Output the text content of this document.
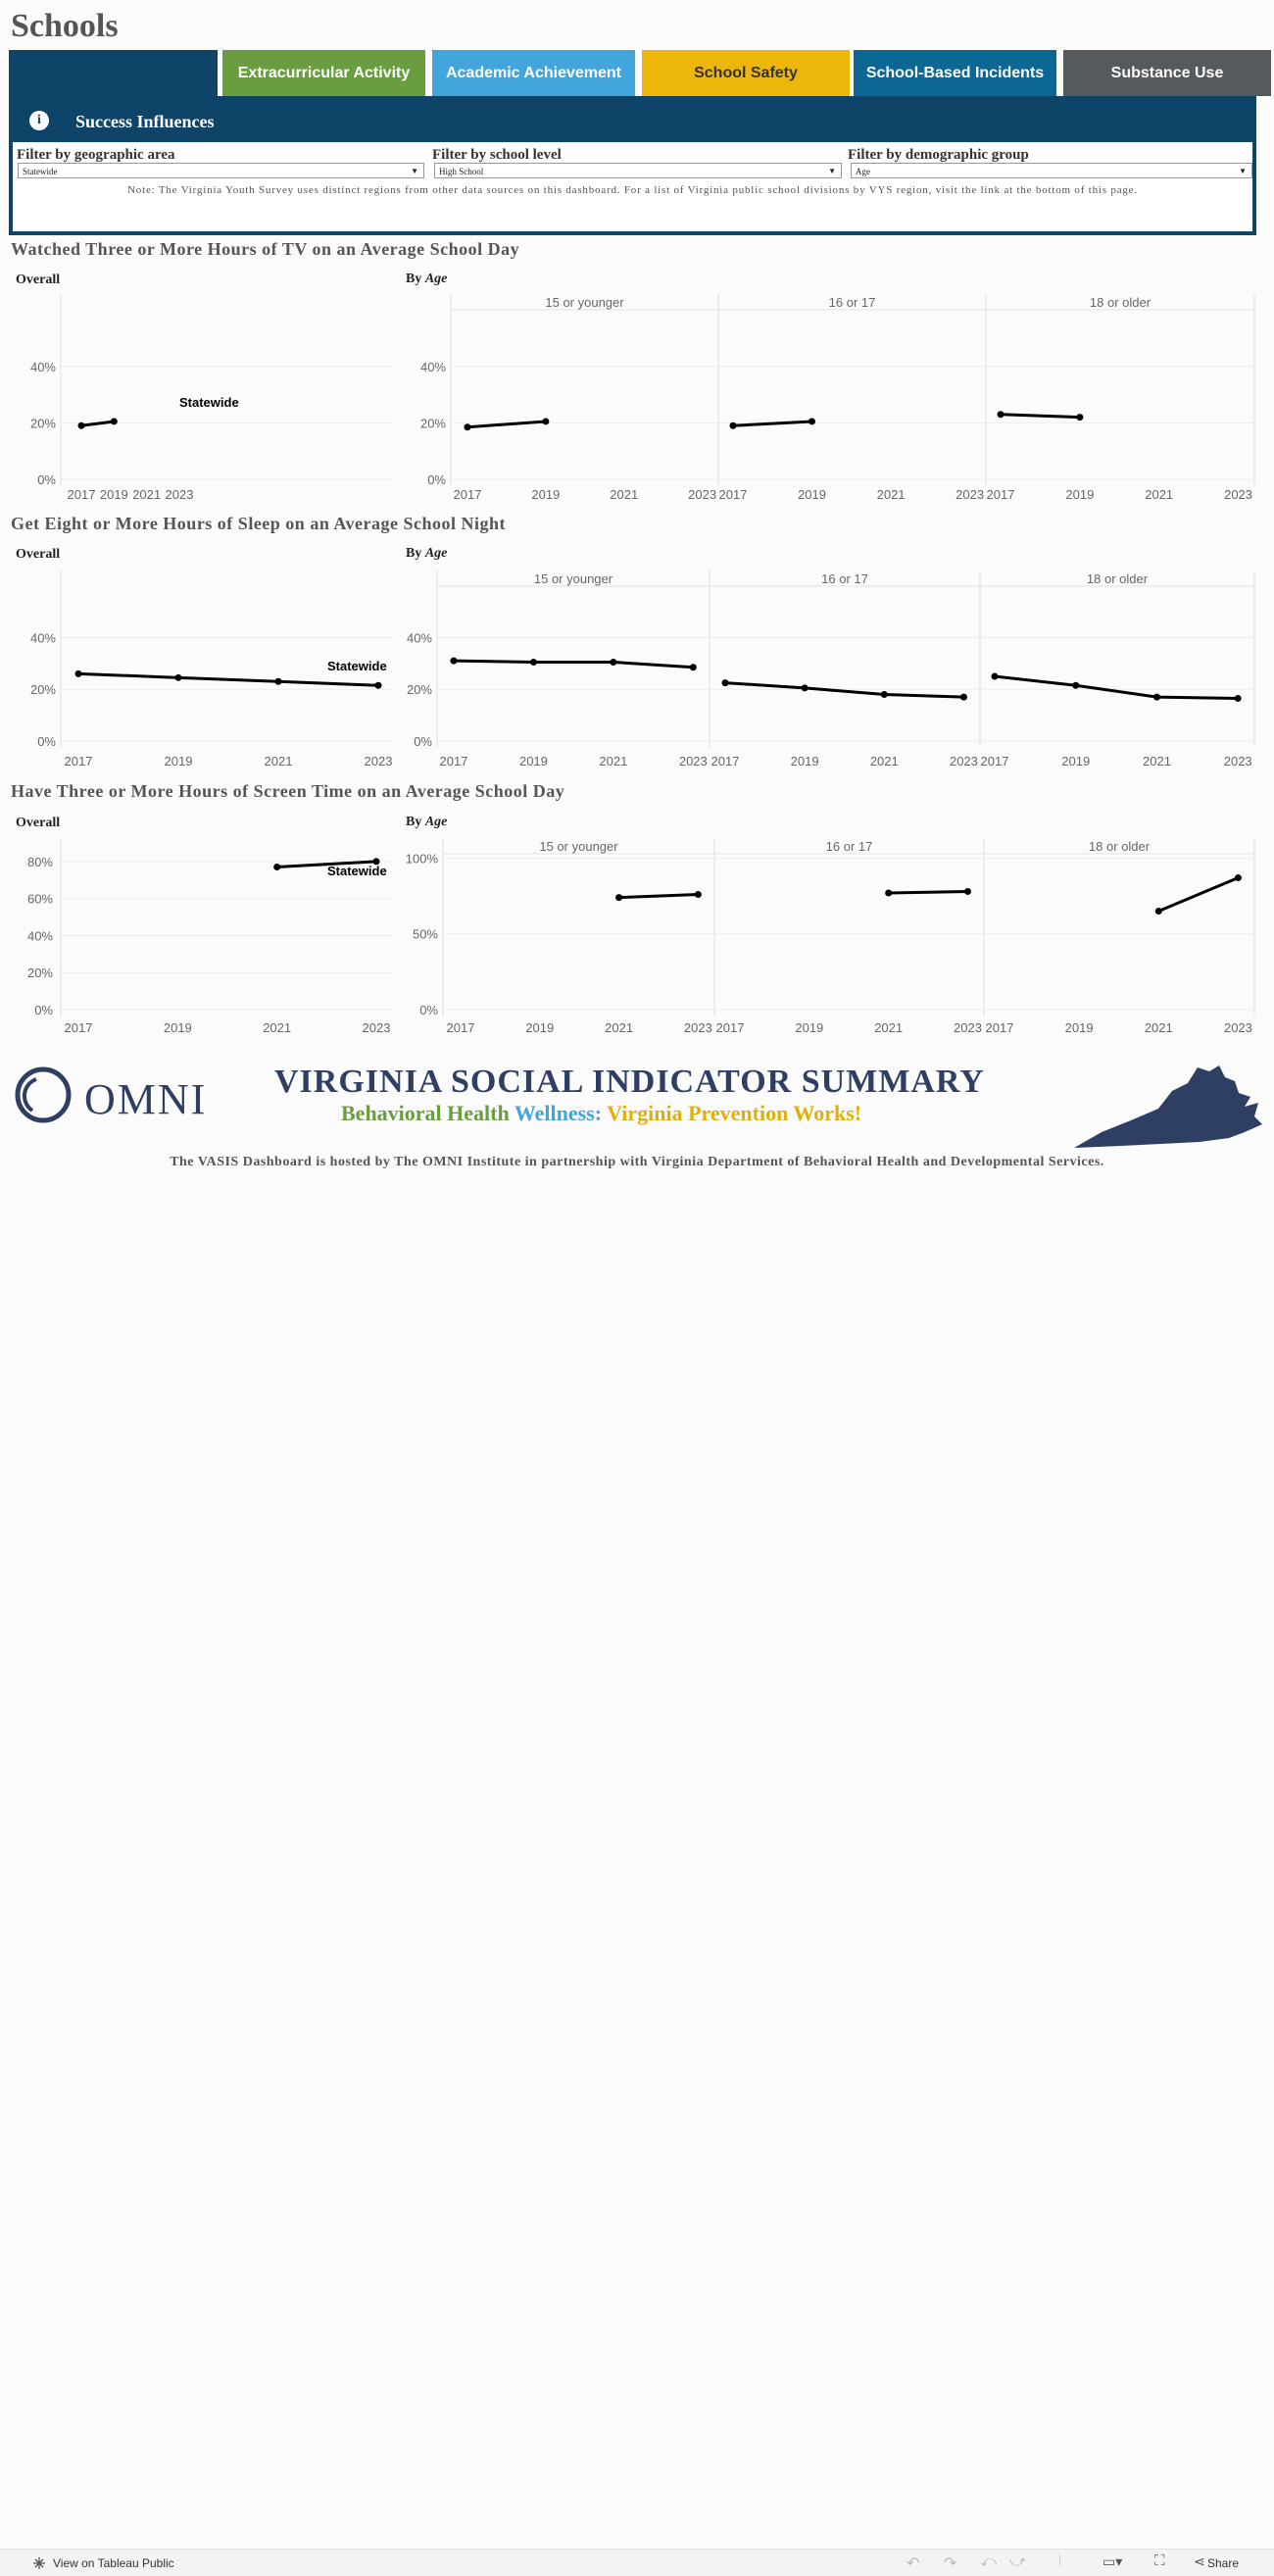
Schools
Extracurricular Activity	Academic Achievement	School Safety	School-Based Incidents	Substance Use
i	Success Influences
Filter by geographic area
Statewide	▼
Filter by school level
High School	▼
Filter by demographic group
Age	▼
Note: The Virginia Youth Survey uses distinct regions from other data sources on this dashboard. For a list of Virginia public school divisions by VYS region, visit the link at the bottom of this page.
Watched Three or More Hours of TV on an Average School Day
Overall	By Age
Get Eight or More Hours of Sleep on an Average School Night
Overall	By Age
Have Three or More Hours of Screen Time on an Average School Day
Overall	By Age
0%
20%
40%
2017 2019 2021 2023
Statewide
15 or younger
0%
20%
40%
2017	2019	2021	2023
16 or 17
2017	2019	2021	2023
18 or older
2017	2019	2021	2023
0%
20%
40%
2017	2019	2021	2023
Statewide
15 or younger
0%
20%
40%
2017	2019	2021	2023
16 or 17
2017	2019	2021	2023
18 or older
2017	2019	2021	2023
0%
20%
40%
60%
80%
2017	2019	2021	2023
Statewide
15 or younger
0%
50%
100%
2017	2019	2021	2023
16 or 17
2017	2019	2021	2023
18 or older
2017	2019	2021	2023
OMNI VIRGINIA SOCIAL INDICATOR SUMMARY
Behavioral Health Wellness: Virginia Prevention Works!
The VASIS Dashboard is hosted by The OMNI Institute in partnership with Virginia Department of Behavioral Health and Developmental Services.
View on Tableau Public	↶ ↷ ⤺ ⤻	|	▭▾ ⛶ ⋖ Share
